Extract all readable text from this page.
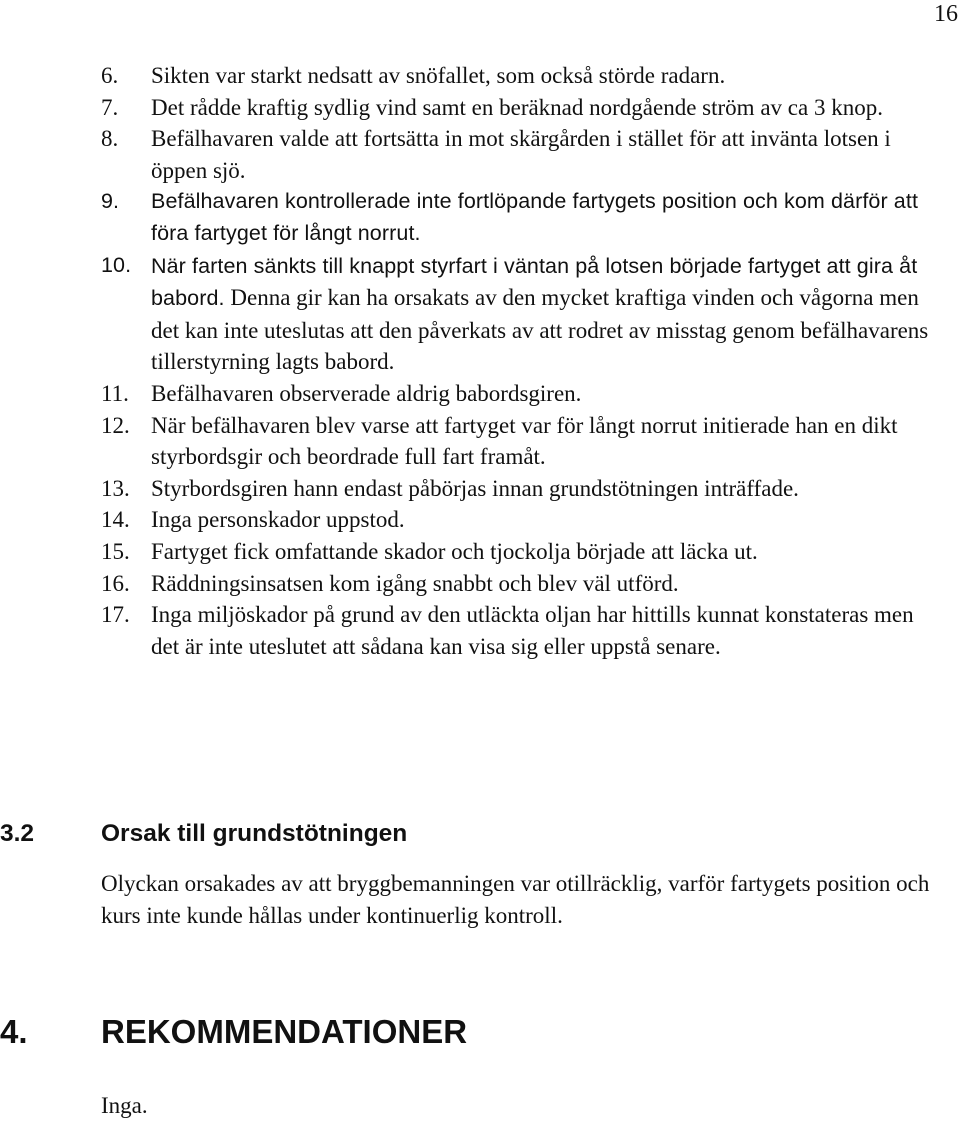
16
6.	Sikten var starkt nedsatt av snöfallet, som också störde radarn.
7.	Det rådde kraftig sydlig vind samt en beräknad nordgående ström av ca 3 knop.
8.	Befälhavaren valde att fortsätta in mot skärgården i stället för att invänta lotsen i öppen sjö.
9.	Befälhavaren kontrollerade inte fortlöpande fartygets position och kom därför att föra fartyget för långt norrut.
10. När farten sänkts till knappt styrfart i väntan på lotsen började fartyget att gira åt babord. Denna gir kan ha orsakats av den mycket kraftiga vinden och vågorna men det kan inte uteslutas att den påverkats av att rodret av misstag genom befälhavarens tillerstyrning lagts babord.
11. Befälhavaren observerade aldrig babordsgiren.
12. När befälhavaren blev varse att fartyget var för långt norrut initierade han en dikt styrbordsgir och beordrade full fart framåt.
13. Styrbordsgiren hann endast påbörjas innan grundstötningen inträffade.
14. Inga personskador uppstod.
15. Fartyget fick omfattande skador och tjockolja började att läcka ut.
16. Räddningsinsatsen kom igång snabbt och blev väl utförd.
17. Inga miljöskador på grund av den utläckta oljan har hittills kunnat konstateras men det är inte uteslutet att sådana kan visa sig eller uppstå senare.
3.2	Orsak till grundstötningen

Olyckan orsakades av att bryggbemanningen var otillräcklig, varför fartygets position och kurs inte kunde hållas under kontinuerlig kontroll.

4. REKOMMENDATIONER

Inga.
